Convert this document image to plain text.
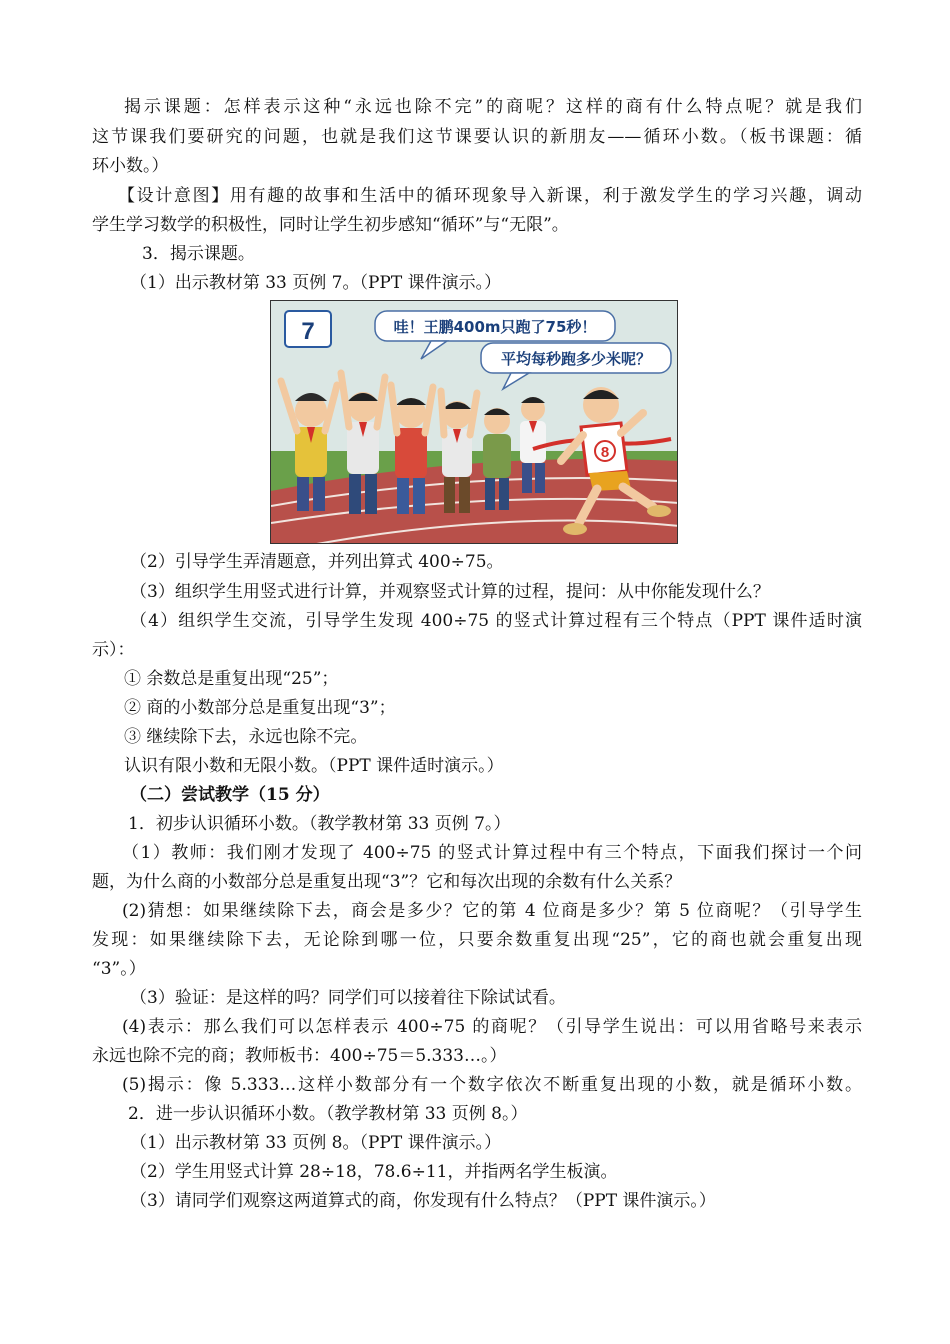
揭示课题：怎样表示这种“永远也除不完”的商呢？这样的商有什么特点呢？就是我们
这节课我们要研究的问题，也就是我们这节课要认识的新朋友——循环小数。（板书课题：循
环小数。）
【设计意图】用有趣的故事和生活中的循环现象导入新课，利于激发学生的学习兴趣，调动
学生学习数学的积极性，同时让学生初步感知“循环”与“无限”。
3．揭示课题。
（1）出示教材第 33 页例 7。（PPT 课件演示。）
7	哇！王鹏400m只跑了75秒！
平均每秒跑多少米呢？
8
（2）引导学生弄清题意，并列出算式 400÷75。
（3）组织学生用竖式进行计算，并观察竖式计算的过程，提问：从中你能发现什么？
（4）组织学生交流，引导学生发现 400÷75 的竖式计算过程有三个特点（PPT 课件适时演
示）：
① 余数总是重复出现“25”；
② 商的小数部分总是重复出现“3”；
③ 继续除下去，永远也除不完。
认识有限小数和无限小数。（PPT 课件适时演示。）
（二）尝试教学（15 分）
1．初步认识循环小数。（教学教材第 33 页例 7。）
（1）教师：我们刚才发现了 400÷75 的竖式计算过程中有三个特点，下面我们探讨一个问
题，为什么商的小数部分总是重复出现“3”？它和每次出现的余数有什么关系？
(2)猜想：如果继续除下去，商会是多少？它的第 4 位商是多少？第 5 位商呢？（引导学生
发现：如果继续除下去，无论除到哪一位，只要余数重复出现“25”，它的商也就会重复出现
“3”。）
（3）验证：是这样的吗？同学们可以接着往下除试试看。
(4)表示：那么我们可以怎样表示 400÷75 的商呢？（引导学生说出：可以用省略号来表示
永远也除不完的商；教师板书：400÷75＝5.333…。）
(5)揭示：像 5.333…这样小数部分有一个数字依次不断重复出现的小数，就是循环小数。
2．进一步认识循环小数。（教学教材第 33 页例 8。）
（1）出示教材第 33 页例 8。（PPT 课件演示。）
（2）学生用竖式计算 28÷18，78.6÷11，并指两名学生板演。
（3）请同学们观察这两道算式的商，你发现有什么特点？（PPT 课件演示。）
